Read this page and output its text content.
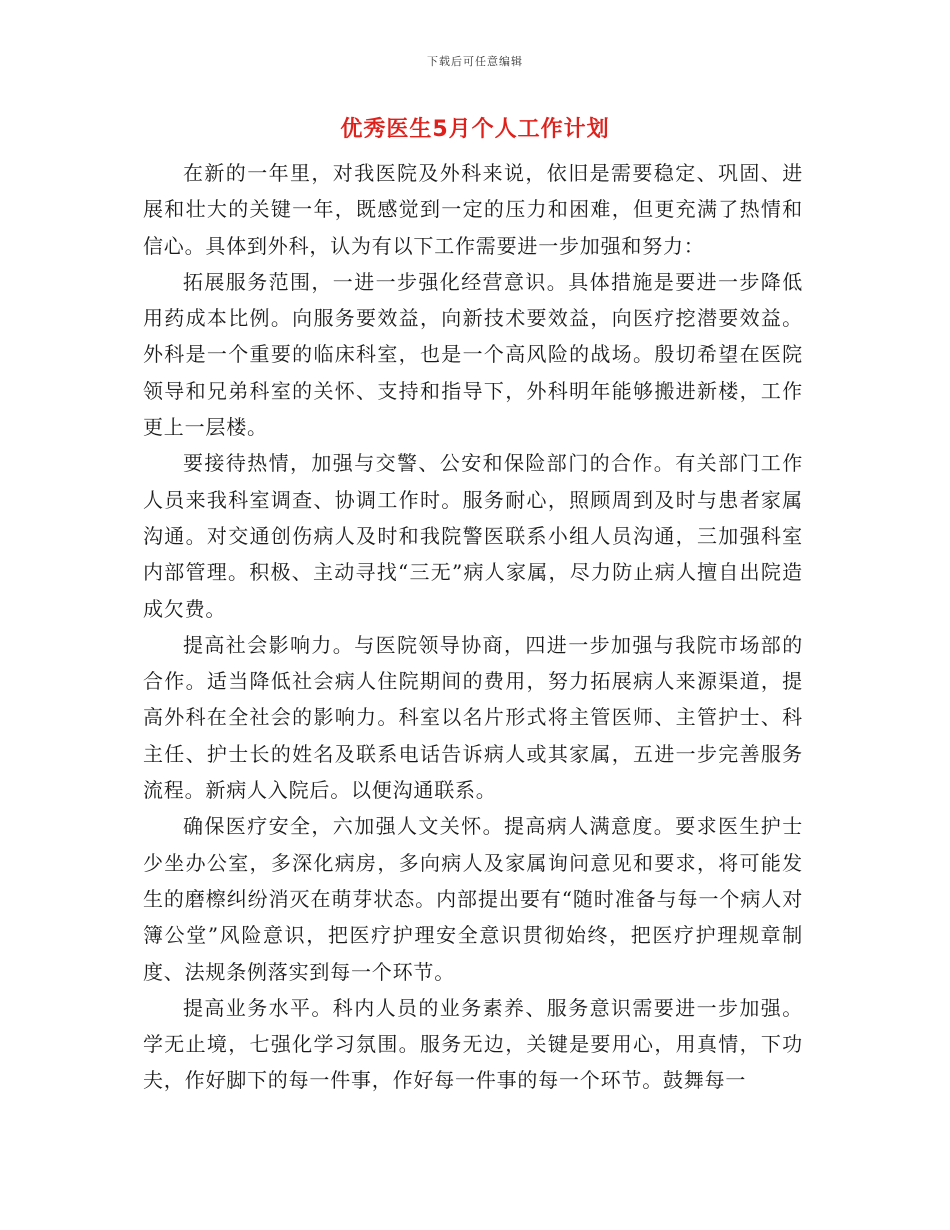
下载后可任意编辑
优秀医生5月个人工作计划

在新的一年里，对我医院及外科来说，依旧是需要稳定、巩固、进展和壮大的关键一年，既感觉到一定的压力和困难，但更充满了热情和信心。具体到外科，认为有以下工作需要进一步加强和努力：

拓展服务范围，一进一步强化经营意识。具体措施是要进一步降低用药成本比例。向服务要效益，向新技术要效益，向医疗挖潜要效益。外科是一个重要的临床科室，也是一个高风险的战场。殷切希望在医院领导和兄弟科室的关怀、支持和指导下，外科明年能够搬进新楼，工作更上一层楼。

要接待热情，加强与交警、公安和保险部门的合作。有关部门工作人员来我科室调查、协调工作时。服务耐心，照顾周到及时与患者家属沟通。对交通创伤病人及时和我院警医联系小组人员沟通，三加强科室内部管理。积极、主动寻找“三无”病人家属，尽力防止病人擅自出院造成欠费。

提高社会影响力。与医院领导协商，四进一步加强与我院市场部的合作。适当降低社会病人住院期间的费用，努力拓展病人来源渠道，提高外科在全社会的影响力。科室以名片形式将主管医师、主管护士、科主任、护士长的姓名及联系电话告诉病人或其家属，五进一步完善服务流程。新病人入院后。以便沟通联系。

确保医疗安全，六加强人文关怀。提高病人满意度。要求医生护士少坐办公室，多深化病房，多向病人及家属询问意见和要求，将可能发生的磨檫纠纷消灭在萌芽状态。内部提出要有“随时准备与每一个病人对簿公堂”风险意识，把医疗护理安全意识贯彻始终，把医疗护理规章制度、法规条例落实到每一个环节。

提高业务水平。科内人员的业务素养、服务意识需要进一步加强。学无止境，七强化学习氛围。服务无边，关键是要用心，用真情，下功夫，作好脚下的每一件事，作好每一件事的每一个环节。鼓舞每一
